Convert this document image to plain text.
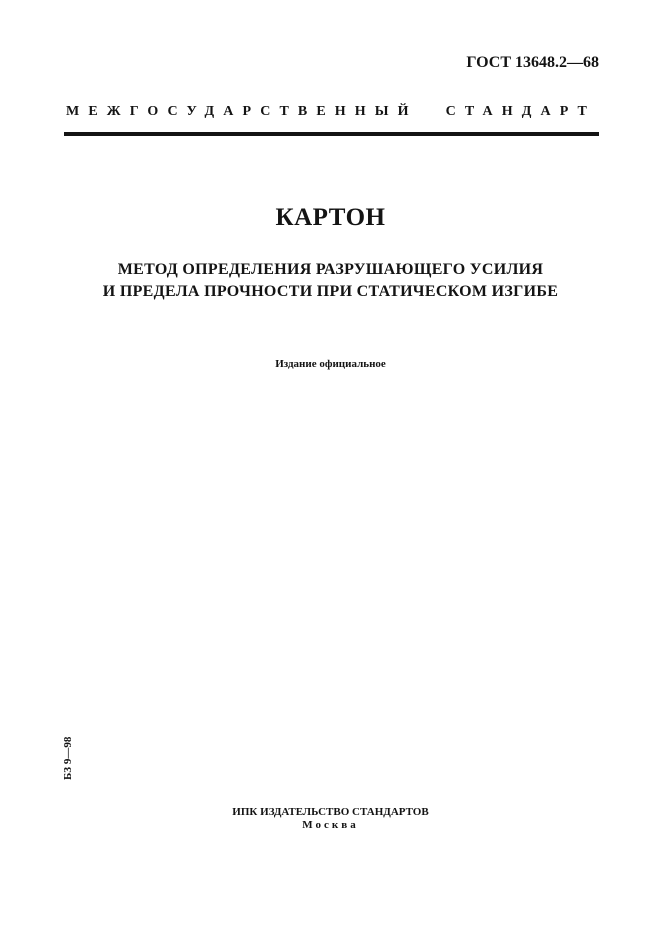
ГОСТ 13648.2—68
МЕЖГОСУДАРСТВЕННЫЙ СТАНДАРТ
КАРТОН
МЕТОД ОПРЕДЕЛЕНИЯ РАЗРУШАЮЩЕГО УСИЛИЯ
И ПРЕДЕЛА ПРОЧНОСТИ ПРИ СТАТИЧЕСКОМ ИЗГИБЕ
Издание официальное
БЗ 9—98
ИПК ИЗДАТЕЛЬСТВО СТАНДАРТОВ
Москва
